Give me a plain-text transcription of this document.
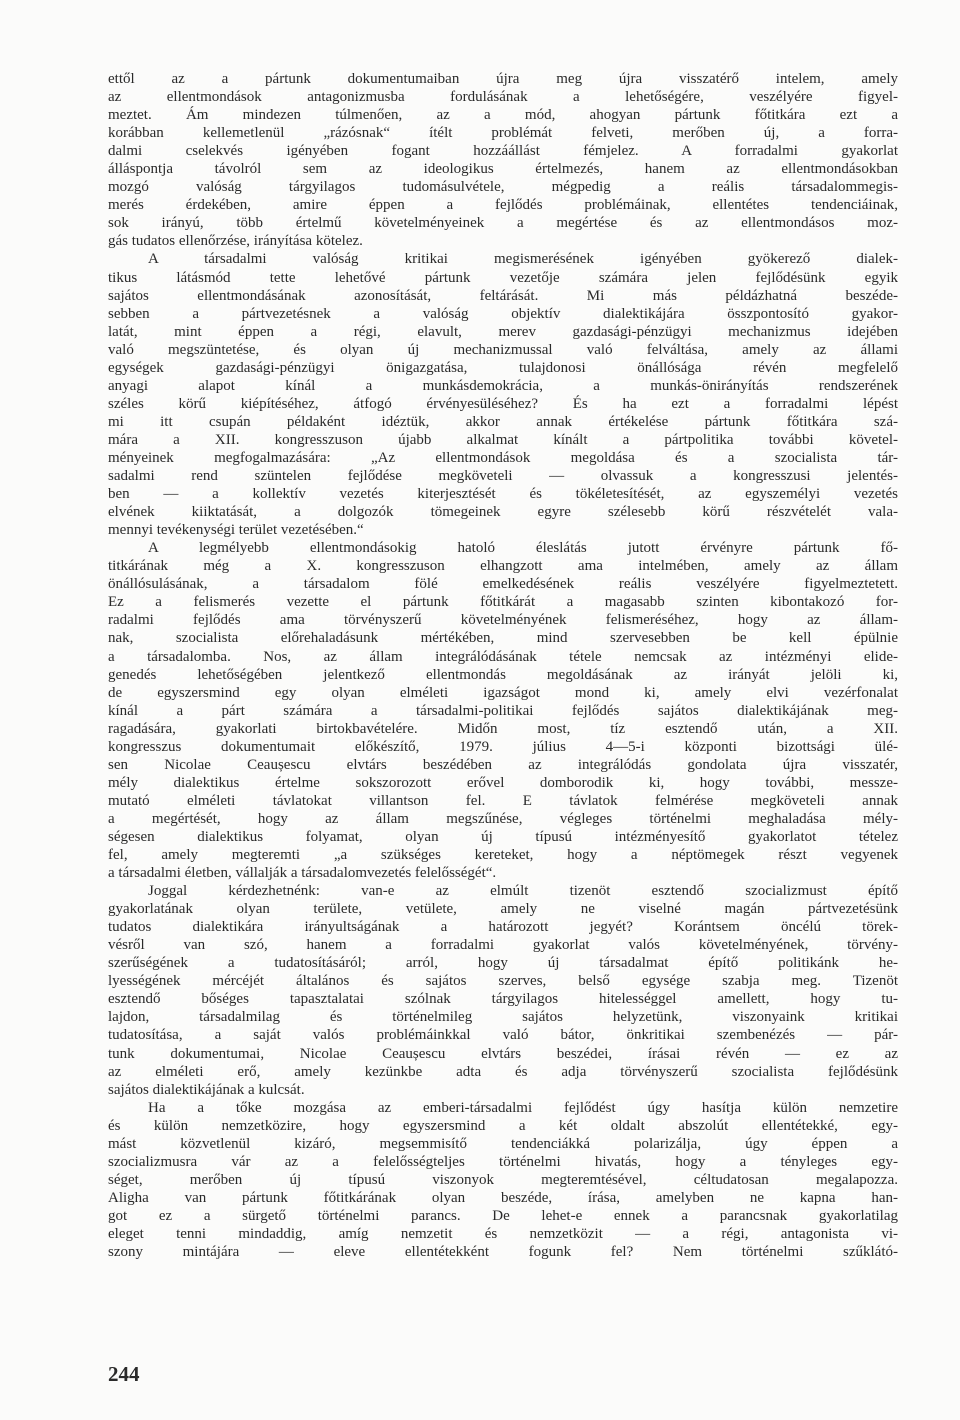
ettől az a pártunk dokumentumaiban újra meg újra visszatérő intelem, amely
az ellentmondások antagonizmusba fordulásának a lehetőségére, veszélyére figyel-
meztet. Ám mindezen túlmenően, az a mód, ahogyan pártunk főtitkára ezt a
korábban kellemetlenül „rázósnak“ ítélt problémát felveti, merőben új, a forra-
dalmi cselekvés igényében fogant hozzáállást fémjelez. A forradalmi gyakorlat
álláspontja távolról sem az ideologikus értelmezés, hanem az ellentmondásokban
mozgó valóság tárgyilagos tudomásulvétele, mégpedig a reális társadalommegis-
merés érdekében, amire éppen a fejlődés problémáinak, ellentétes tendenciáinak,
sok irányú, több értelmű követelményeinek a megértése és az ellentmondásos moz-
gás tudatos ellenőrzése, irányítása kötelez.
A társadalmi valóság kritikai megismerésének igényében gyökerező dialek-
tikus látásmód tette lehetővé pártunk vezetője számára jelen fejlődésünk egyik
sajátos ellentmondásának azonosítását, feltárását. Mi más példázhatná beszéde-
sebben a pártvezetésnek a valóság objektív dialektikájára összpontosító gyakor-
latát, mint éppen a régi, elavult, merev gazdasági-pénzügyi mechanizmus idejében
való megszüntetése, és olyan új mechanizmussal való felváltása, amely az állami
egységek gazdasági-pénzügyi önigazgatása, tulajdonosi önállósága révén megfelelő
anyagi alapot kínál a munkásdemokrácia, a munkás-önirányítás rendszerének
széles körű kiépítéséhez, átfogó érvényesüléséhez? És ha ezt a forradalmi lépést
mi itt csupán példaként idéztük, akkor annak értékelése pártunk főtitkára szá-
mára a XII. kongresszuson újabb alkalmat kínált a pártpolitika további követel-
ményeinek megfogalmazására: „Az ellentmondások megoldása és a szocialista tár-
sadalmi rend szüntelen fejlődése megköveteli — olvassuk a kongresszusi jelentés-
ben — a kollektív vezetés kiterjesztését és tökéletesítését, az egyszemélyi vezetés
elvének kiiktatását, a dolgozók tömegeinek egyre szélesebb körű részvételét vala-
mennyi tevékenységi terület vezetésében.“
A legmélyebb ellentmondásokig hatoló éleslátás jutott érvényre pártunk fő-
titkárának még a X. kongresszuson elhangzott ama intelmében, amely az állam
önállósulásának, a társadalom fölé emelkedésének reális veszélyére figyelmeztetett.
Ez a felismerés vezette el pártunk főtitkárát a magasabb szinten kibontakozó for-
radalmi fejlődés ama törvényszerű követelményének felismeréséhez, hogy az állam-
nak, szocialista előrehaladásunk mértékében, mind szervesebben be kell épülnie
a társadalomba. Nos, az állam integrálódásának tétele nemcsak az intézményi elide-
genedés lehetőségében jelentkező ellentmondás megoldásának az irányát jelöli ki,
de egyszersmind egy olyan elméleti igazságot mond ki, amely elvi vezérfonalat
kínál a párt számára a társadalmi-politikai fejlődés sajátos dialektikájának meg-
ragadására, gyakorlati birtokbavételére. Midőn most, tíz esztendő után, a XII.
kongresszus dokumentumait előkészítő, 1979. július 4—5-i központi bizottsági ülé-
sen Nicolae Ceaușescu elvtárs beszédében az integrálódás gondolata újra visszatér,
mély dialektikus értelme sokszorozott erővel domborodik ki, hogy további, messze-
mutató elméleti távlatokat villantson fel. E távlatok felmérése megköveteli annak
a megértését, hogy az állam megszűnése, végleges történelmi meghaladása mély-
ségesen dialektikus folyamat, olyan új típusú intézményesítő gyakorlatot tételez
fel, amely megteremti „a szükséges kereteket, hogy a néptömegek részt vegyenek
a társadalmi életben, vállalják a társadalomvezetés felelősségét“.
Joggal kérdezhetnénk: van-e az elmúlt tizenöt esztendő szocializmust építő
gyakorlatának olyan területe, vetülete, amely ne viselné magán pártvezetésünk
tudatos dialektikára irányultságának a határozott jegyét? Korántsem öncélú törek-
vésről van szó, hanem a forradalmi gyakorlat valós követelményének, törvény-
szerűségének a tudatosításáról; arról, hogy új társadalmat építő politikánk he-
lyességének mércéjét általános és sajátos szerves, belső egysége szabja meg. Tizenöt
esztendő bőséges tapasztalatai szólnak tárgyilagos hitelességgel amellett, hogy tu-
lajdon, társadalmilag és történelmileg sajátos helyzetünk, viszonyaink kritikai
tudatosítása, a saját valós problémáinkkal való bátor, önkritikai szembenézés — pár-
tunk dokumentumai, Nicolae Ceaușescu elvtárs beszédei, írásai révén — ez az
az elméleti erő, amely kezünkbe adta és adja törvényszerű szocialista fejlődésünk
sajátos dialektikájának a kulcsát.
Ha a tőke mozgása az emberi-társadalmi fejlődést úgy hasítja külön nemzetire
és külön nemzetközire, hogy egyszersmind a két oldalt abszolút ellentétekké, egy-
mást közvetlenül kizáró, megsemmisítő tendenciákká polarizálja, úgy éppen a
szocializmusra vár az a felelősségteljes történelmi hivatás, hogy a tényleges egy-
séget, merőben új típusú viszonyok megteremtésével, céltudatosan megalapozza.
Aligha van pártunk főtitkárának olyan beszéde, írása, amelyben ne kapna han-
got ez a sürgető történelmi parancs. De lehet-e ennek a parancsnak gyakorlatilag
eleget tenni mindaddig, amíg nemzetit és nemzetközit — a régi, antagonista vi-
szony mintájára — eleve ellentétekként fogunk fel? Nem történelmi szűklátó-
244
